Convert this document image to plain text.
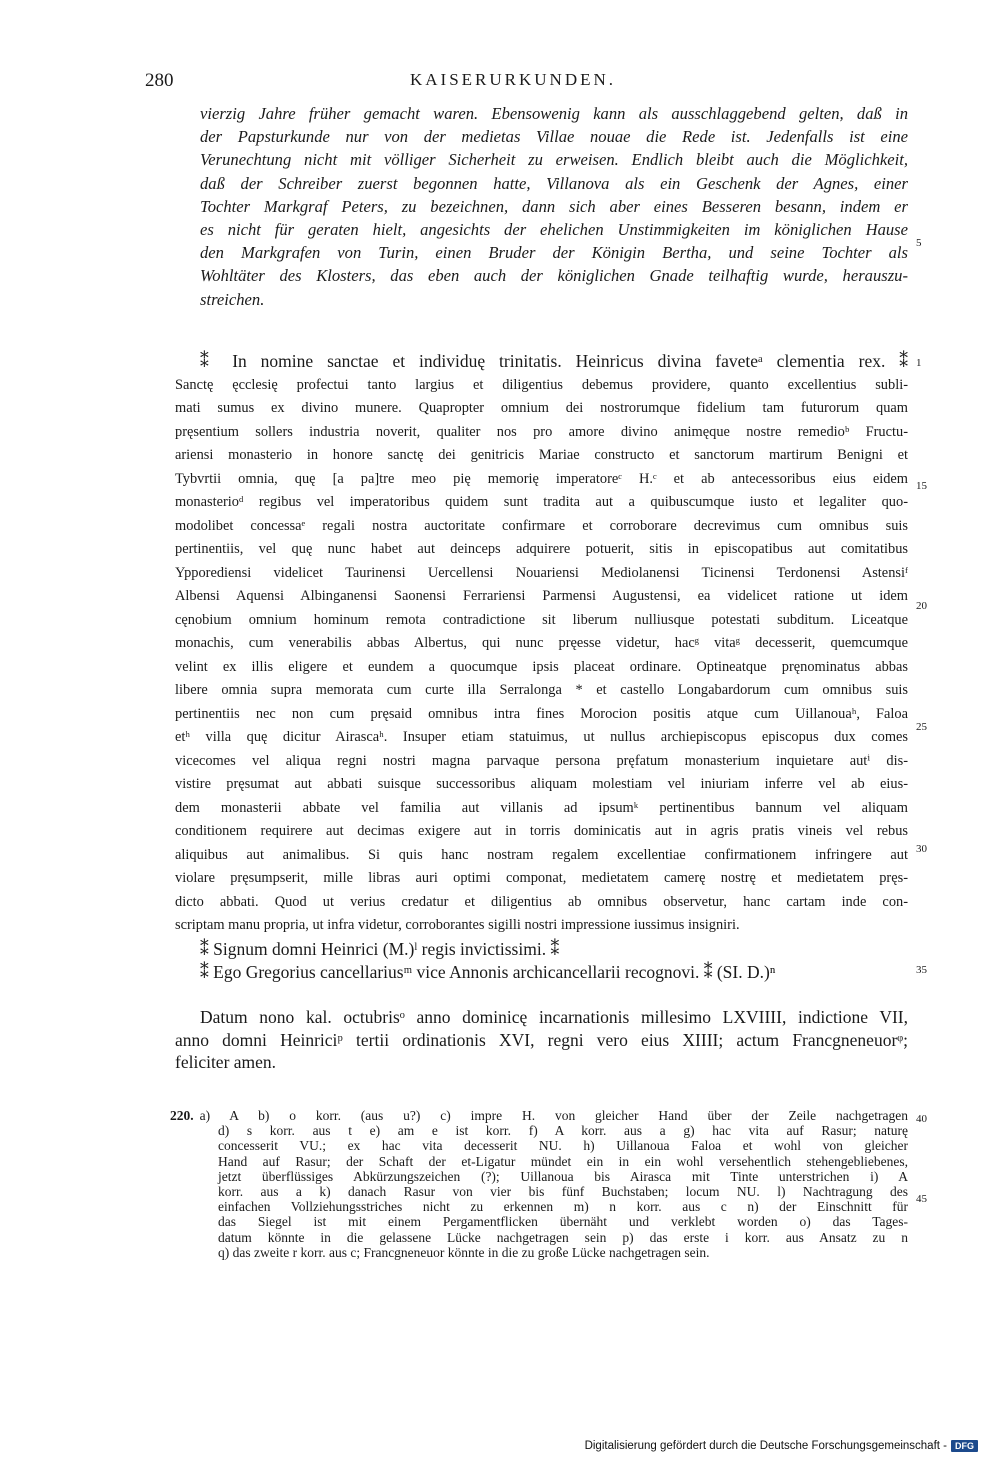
280	KAISERURKUNDEN.
vierzig Jahre früher gemacht waren. Ebensowenig kann als ausschlaggebend gelten, daß in
der Papsturkunde nur von der medietas Villae nouae die Rede ist. Jedenfalls ist eine
Verunechtung nicht mit völliger Sicherheit zu erweisen. Endlich bleibt auch die Möglichkeit,
daß der Schreiber zuerst begonnen hatte, Villanova als ein Geschenk der Agnes, einer
Tochter Markgraf Peters, zu bezeichnen, dann sich aber eines Besseren besann, indem er
es nicht für geraten hielt, angesichts der ehelichen Unstimmigkeiten im königlichen Hause
den Markgrafen von Turin, einen Bruder der Königin Bertha, und seine Tochter als
Wohltäter des Klosters, das eben auch der königlichen Gnade teilhaftig wurde, herauszu-
streichen.
⁑ In nomine sanctae et individuę trinitatis. Heinricus divina faveteᵃ clementia rex. ⁑
Sanctę ęcclesię profectui tanto largius et diligentius debemus providere, quanto excellentius subli-
mati sumus ex divino munere. Quapropter omnium dei nostrorumque fidelium tam futurorum quam
pręsentium sollers industria noverit, qualiter nos pro amore divino animęque nostre remedioᵇ Fructu-
ariensi monasterio in honore sanctę dei genitricis Mariae constructo et sanctorum martirum Benigni et
Tybvrtii omnia, quę [a pa]tre meo pię memorię imperatoreᶜ H.ᶜ et ab antecessoribus eius eidem
monasterioᵈ regibus vel imperatoribus quidem sunt tradita aut a quibuscumque iusto et legaliter quo-
modolibet concessaᵉ regali nostra auctoritate confirmare et corroborare decrevimus cum omnibus suis
pertinentiis, vel quę nunc habet aut deinceps adquirere potuerit, sitis in episcopatibus aut comitatibus
Ypporediensi videlicet Taurinensi Uercellensi Nouariensi Mediolanensi Ticinensi Terdonensi Astensiᶠ
Albensi Aquensi Albinganensi Saonensi Ferrariensi Parmensi Augustensi, ea videlicet ratione ut idem
cęnobium omnium hominum remota contradictione sit liberum nulliusque potestati subditum. Liceatque
monachis, cum venerabilis abbas Albertus, qui nunc pręesse videtur, hacᵍ vitaᵍ decesserit, quemcumque
velint ex illis eligere et eundem a quocumque ipsis placeat ordinare. Optineatque pręnominatus abbas
libere omnia supra memorata cum curte illa Serralonga * et castello Longabardorum cum omnibus suis
pertinentiis nec non cum pręsaid omnibus intra fines Morocion positis atque cum Uillanouaʰ, Faloa
etʰ villa quę dicitur Airascaʰ. Insuper etiam statuimus, ut nullus archiepiscopus episcopus dux comes
vicecomes vel aliqua regni nostri magna parvaque persona pręfatum monasterium inquietare autⁱ dis-
vistire pręsumat aut abbati suisque successoribus aliquam molestiam vel iniuriam inferre vel ab eius-
dem monasterii abbate vel familia aut villanis ad ipsumᵏ pertinentibus bannum vel aliquam
conditionem requirere aut decimas exigere aut in torris dominicatis aut in agris pratis vineis vel rebus
aliquibus aut animalibus. Si quis hanc nostram regalem excellentiae confirmationem infringere aut
violare pręsumpserit, mille libras auri optimi componat, medietatem camerę nostrę et medietatem pręs-
dicto abbati. Quod ut verius credatur et diligentius ab omnibus observetur, hanc cartam inde con-
scriptam manu propria, ut infra videtur, corroborantes sigilli nostri impressione iussimus insigniri.
⁑ Signum domni Heinrici (M.)ˡ regis invictissimi. ⁑
⁑ Ego Gregorius cancellariusᵐ vice Annonis archicancellarii recognovi. ⁑ (SI. D.)ⁿ
Datum nono kal. octubrisᵒ anno dominicę incarnationis millesimo LXVIIII, indictione VII,
anno domni Heinriciᵖ tertii ordinationis XVI, regni vero eius XIIII; actum Francgneneuorᵠ;
feliciter amen.
5
1
15
20
25
30
35
40
45
220. a) A b) o korr. (aus u?) c) impre H. von gleicher Hand über der Zeile nachgetragen
d) s korr. aus t e) am e ist korr. f) A korr. aus a g) hac vita auf Rasur; naturę
concesserit VU.; ex hac vita decesserit NU. h) Uillanoua Faloa et wohl von gleicher
Hand auf Rasur; der Schaft der et-Ligatur mündet ein in ein wohl versehentlich stehengebliebenes,
jetzt überflüssiges Abkürzungszeichen (?); Uillanoua bis Airasca mit Tinte unterstrichen i) A
korr. aus a k) danach Rasur von vier bis fünf Buchstaben; locum NU. l) Nachtragung des
einfachen Vollziehungsstriches nicht zu erkennen m) n korr. aus c n) der Einschnitt für
das Siegel ist mit einem Pergamentflicken übernäht und verklebt worden o) das Tages-
datum könnte in die gelassene Lücke nachgetragen sein p) das erste i korr. aus Ansatz zu n
q) das zweite r korr. aus c; Francgneneuor könnte in die zu große Lücke nachgetragen sein.
Digitalisierung gefördert durch die Deutsche Forschungsgemeinschaft - DFG
